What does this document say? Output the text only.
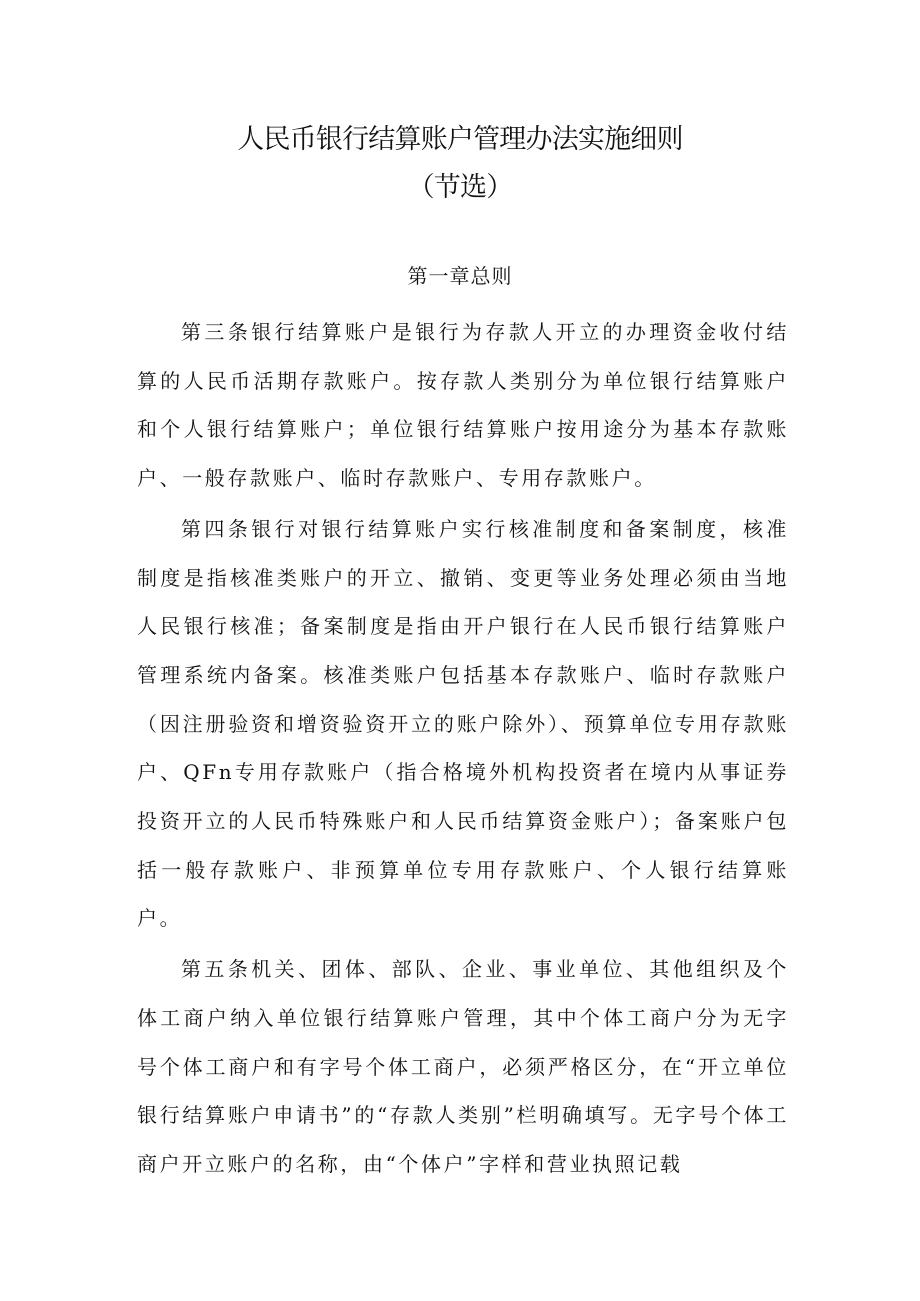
人民币银行结算账户管理办法实施细则
（节选）
第一章总则

第三条银行结算账户是银行为存款人开立的办理资金收付结算的人民币活期存款账户。按存款人类别分为单位银行结算账户和个人银行结算账户；单位银行结算账户按用途分为基本存款账户、一般存款账户、临时存款账户、专用存款账户。

第四条银行对银行结算账户实行核准制度和备案制度，核准制度是指核准类账户的开立、撤销、变更等业务处理必须由当地人民银行核准；备案制度是指由开户银行在人民币银行结算账户管理系统内备案。核准类账户包括基本存款账户、临时存款账户（因注册验资和增资验资开立的账户除外）、预算单位专用存款账户、QFn专用存款账户（指合格境外机构投资者在境内从事证券投资开立的人民币特殊账户和人民币结算资金账户）；备案账户包括一般存款账户、非预算单位专用存款账户、个人银行结算账户。

第五条机关、团体、部队、企业、事业单位、其他组织及个体工商户纳入单位银行结算账户管理，其中个体工商户分为无字号个体工商户和有字号个体工商户，必须严格区分，在“开立单位银行结算账户申请书”的“存款人类别”栏明确填写。无字号个体工商户开立账户的名称，由“个体户”字样和营业执照记载
